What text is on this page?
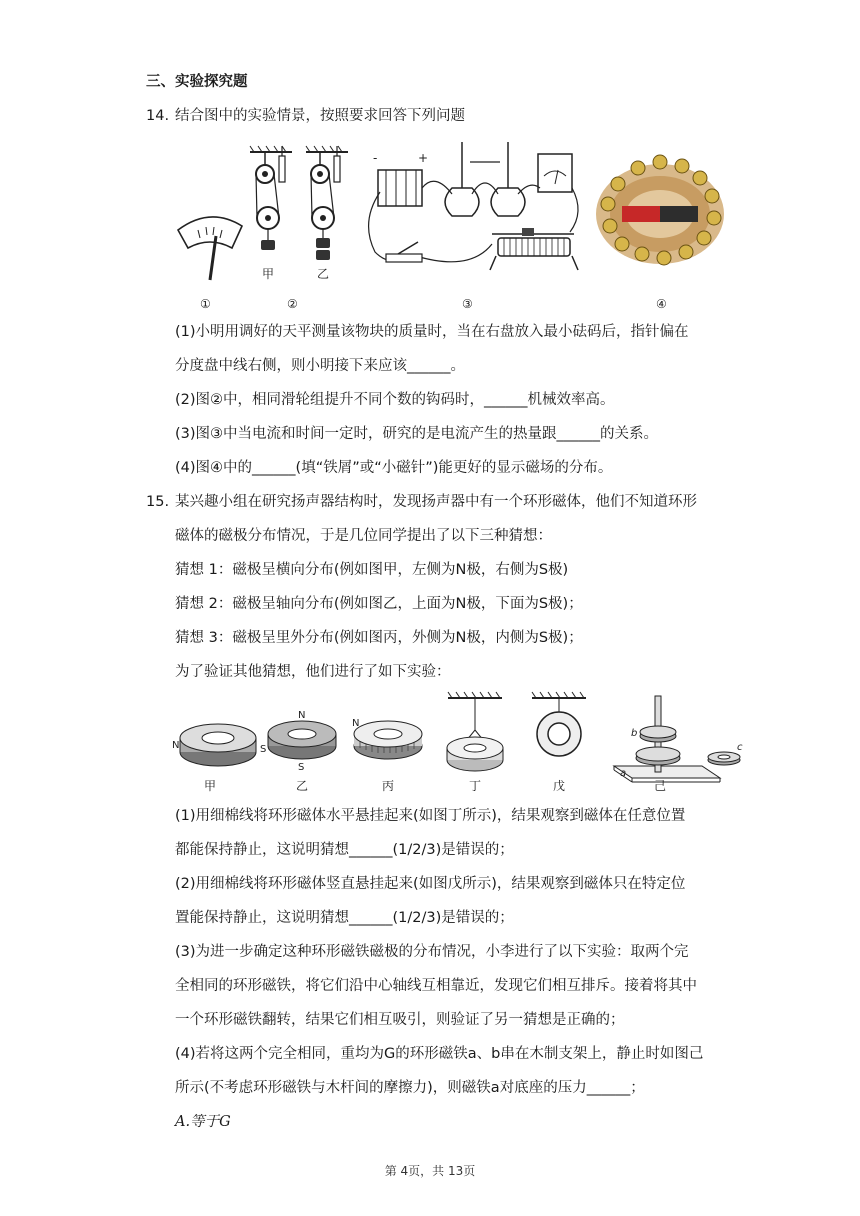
三、实验探究题
14. 结合图中的实验情景，按照要求回答下列问题
甲	乙
-	+
①	②	③	④
(1)小明用调好的天平测量该物块的质量时，当在右盘放入最小砝码后，指针偏在
分度盘中线右侧，则小明接下来应该______。
(2)图②中，相同滑轮组提升不同个数的钩码时，______机械效率高。
(3)图③中当电流和时间一定时，研究的是电流产生的热量跟______的关系。
(4)图④中的______(填“铁屑”或“小磁针”)能更好的显示磁场的分布。
15. 某兴趣小组在研究扬声器结构时，发现扬声器中有一个环形磁体，他们不知道环形
磁体的磁极分布情况，于是几位同学提出了以下三种猜想：
猜想 1：磁极呈横向分布(例如图甲，左侧为N极，右侧为S极)
猜想 2：磁极呈轴向分布(例如图乙，上面为N极，下面为S极)；
猜想 3：磁极呈里外分布(例如图丙，外侧为N极，内侧为S极)；
为了验证其他猜想，他们进行了如下实验：
N	S
N
S
N
b
a
c
甲	乙	丙	丁	戊	己
(1)用细棉线将环形磁体水平悬挂起来(如图丁所示)，结果观察到磁体在任意位置
都能保持静止，这说明猜想______(1/2/3)是错误的；
(2)用细棉线将环形磁体竖直悬挂起来(如图戊所示)，结果观察到磁体只在特定位
置能保持静止，这说明猜想______(1/2/3)是错误的；
(3)为进一步确定这种环形磁铁磁极的分布情况，小李进行了以下实验：取两个完
全相同的环形磁铁，将它们沿中心轴线互相靠近，发现它们相互排斥。接着将其中
一个环形磁铁翻转，结果它们相互吸引，则验证了另一猜想是正确的；
(4)若将这两个完全相同，重均为G的环形磁铁a、b串在木制支架上，静止时如图己
所示(不考虑环形磁铁与木杆间的摩擦力)，则磁铁a对底座的压力______；
A.等于G
第 4页，共 13页
